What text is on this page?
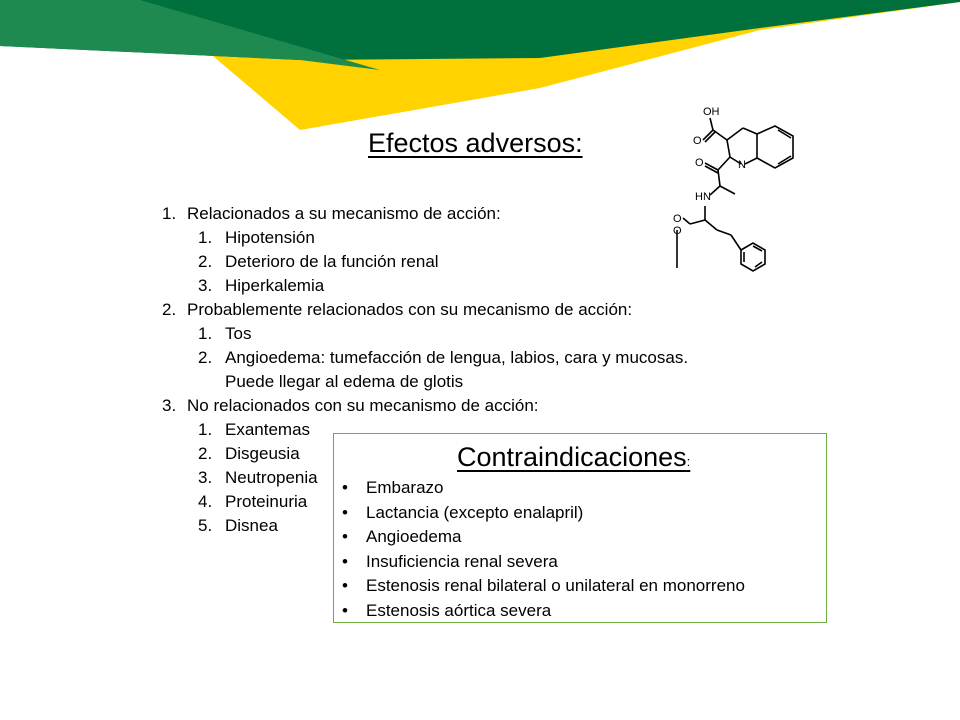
OH
O
N
O
HN
O
O
Efectos adversos:
1. Relacionados a su mecanismo de acción:
1. Hipotensión
2. Deterioro de la función renal
3. Hiperkalemia
2. Probablemente relacionados con su mecanismo de acción:
1. Tos
2. Angioedema: tumefacción de lengua, labios, cara y mucosas.
Puede llegar al edema de glotis
3. No relacionados con su mecanismo de acción:
1. Exantemas
2. Disgeusia
3. Neutropenia
4. Proteinuria
5. Disnea
Contraindicaciones:
• Embarazo
• Lactancia (excepto enalapril)
• Angioedema
• Insuficiencia renal severa
• Estenosis renal bilateral o unilateral en monorreno
• Estenosis aórtica severa
